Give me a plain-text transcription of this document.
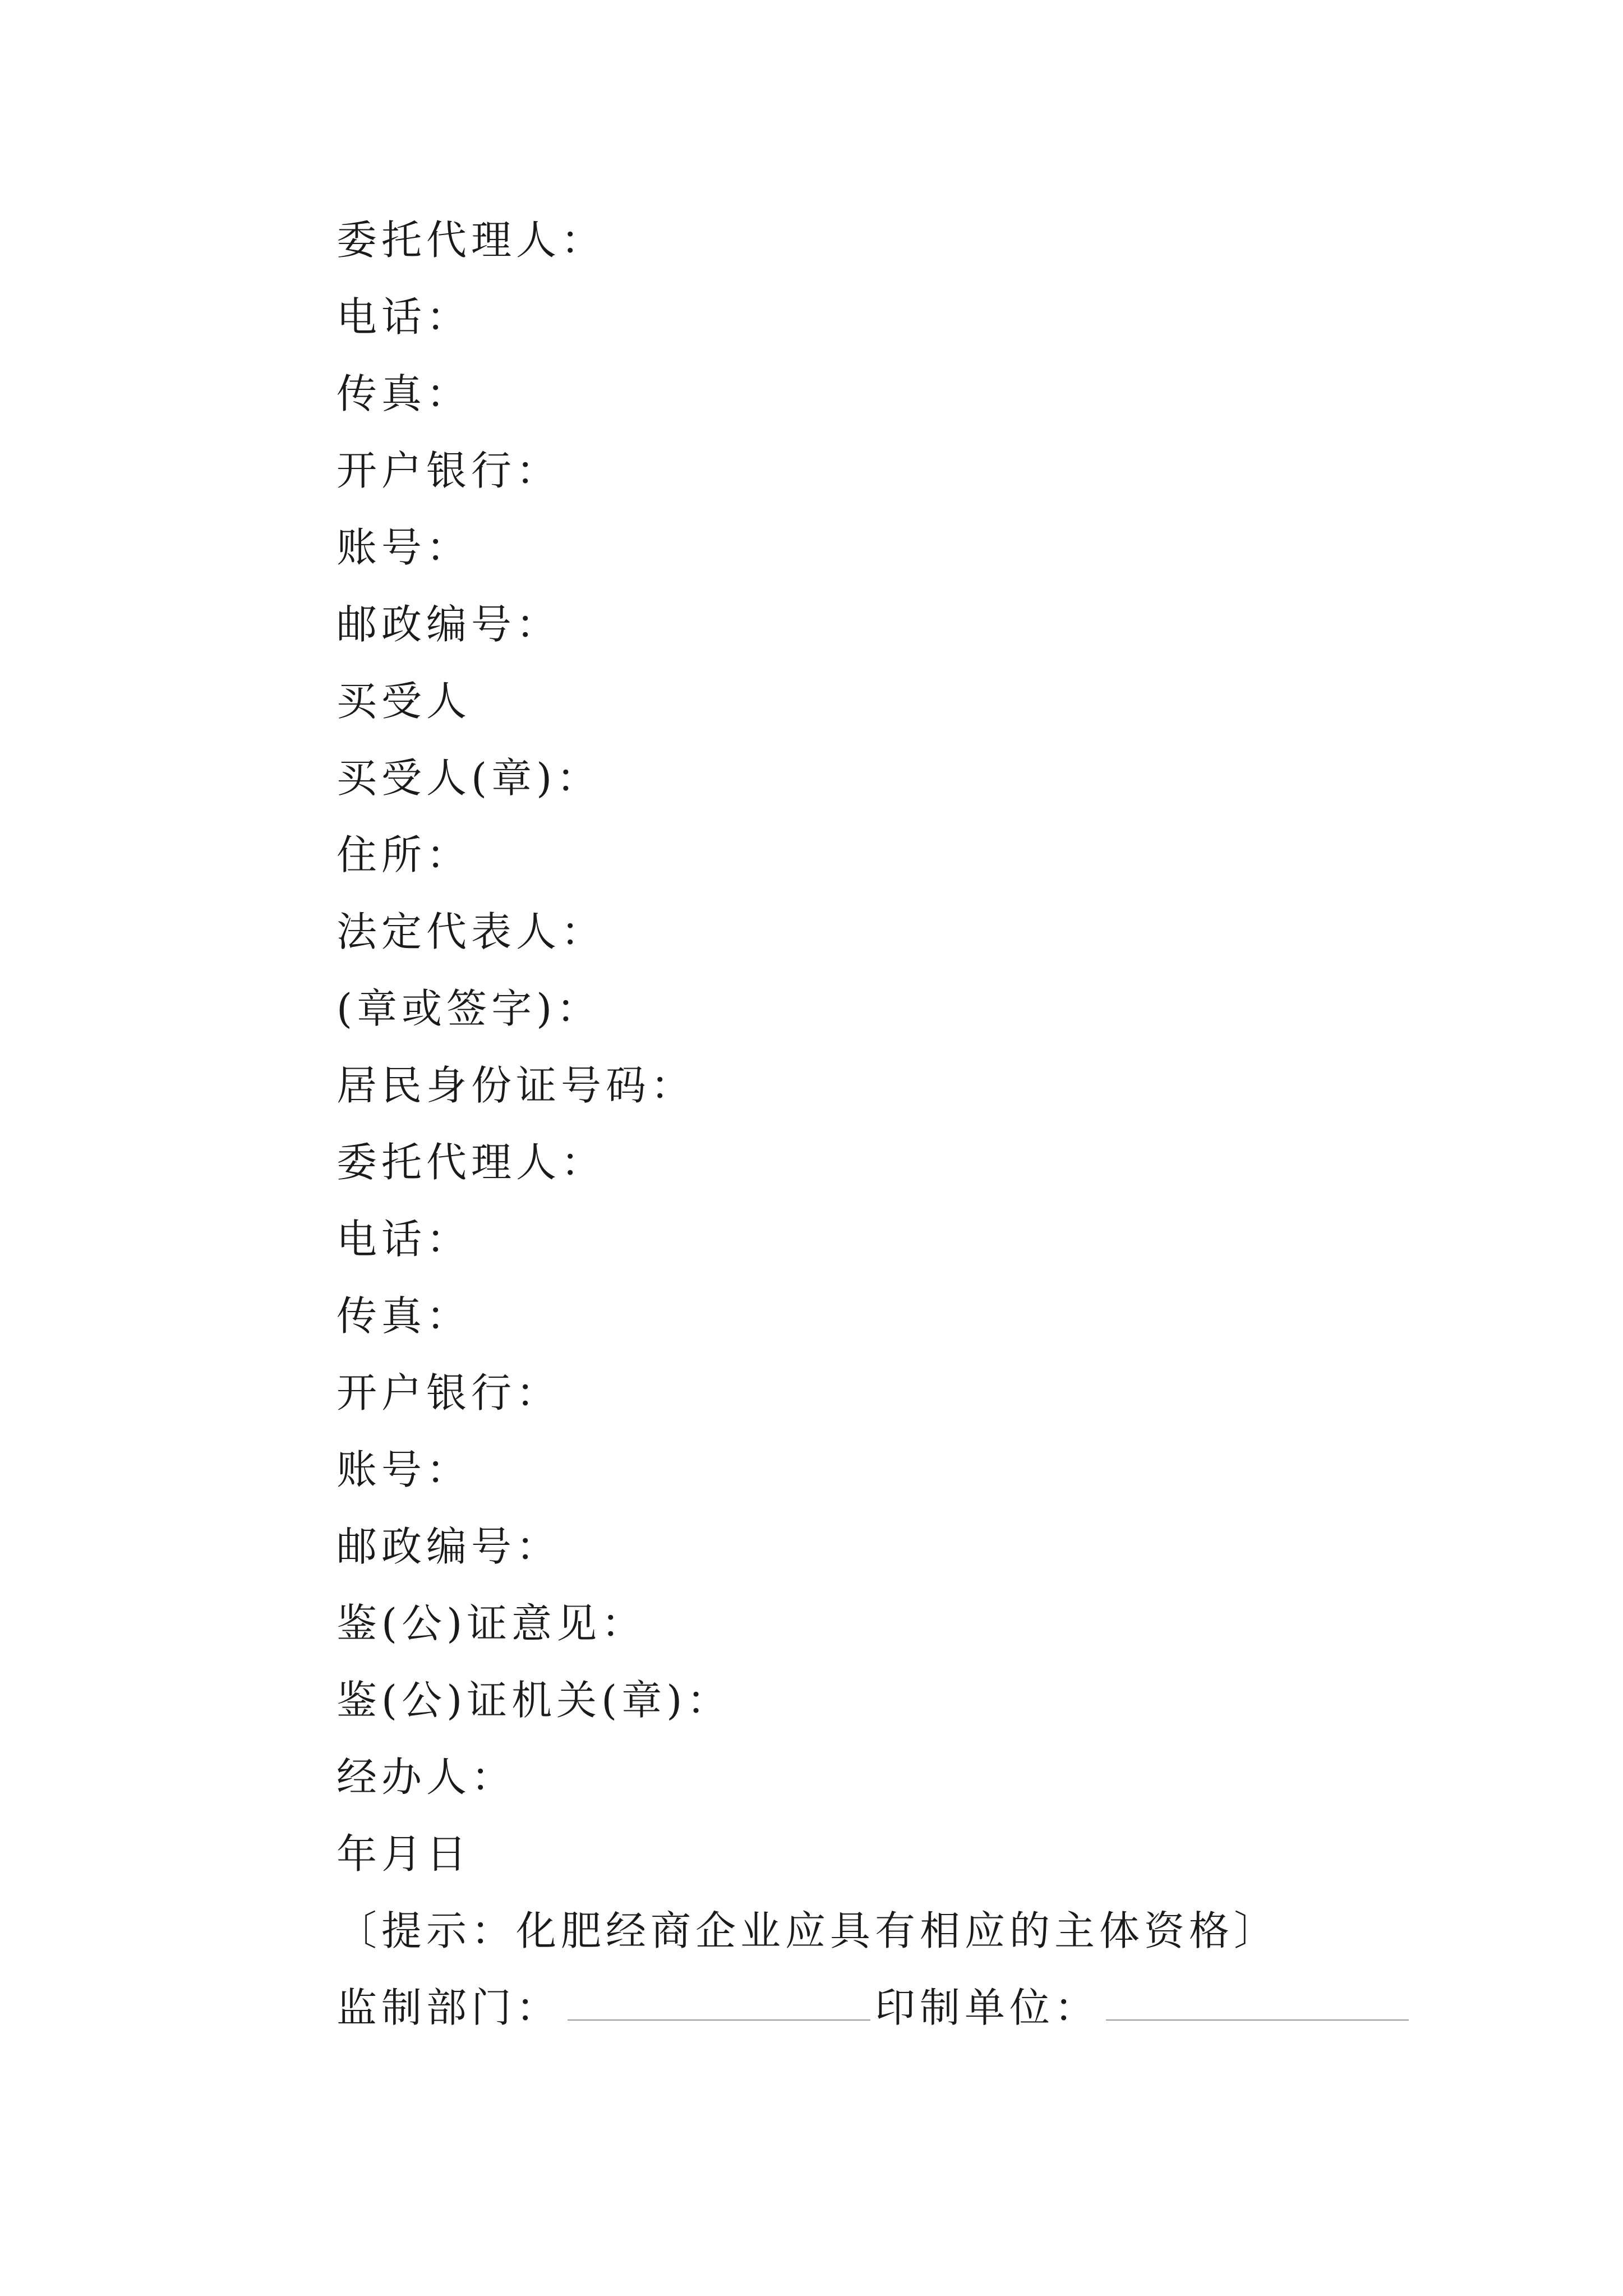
委托代理人：
电话：
传真：
开户银行：
账号：
邮政编号：
买受人
买受人(章)：
住所：
法定代表人：
(章或签字)：
居民身份证号码：
委托代理人：
电话：
传真：
开户银行：
账号：
邮政编号：
鉴(公)证意见：
鉴(公)证机关(章)：
经办人：
年月日
〔提示：化肥经商企业应具有相应的主体资格〕
监制部门：	印制单位：
